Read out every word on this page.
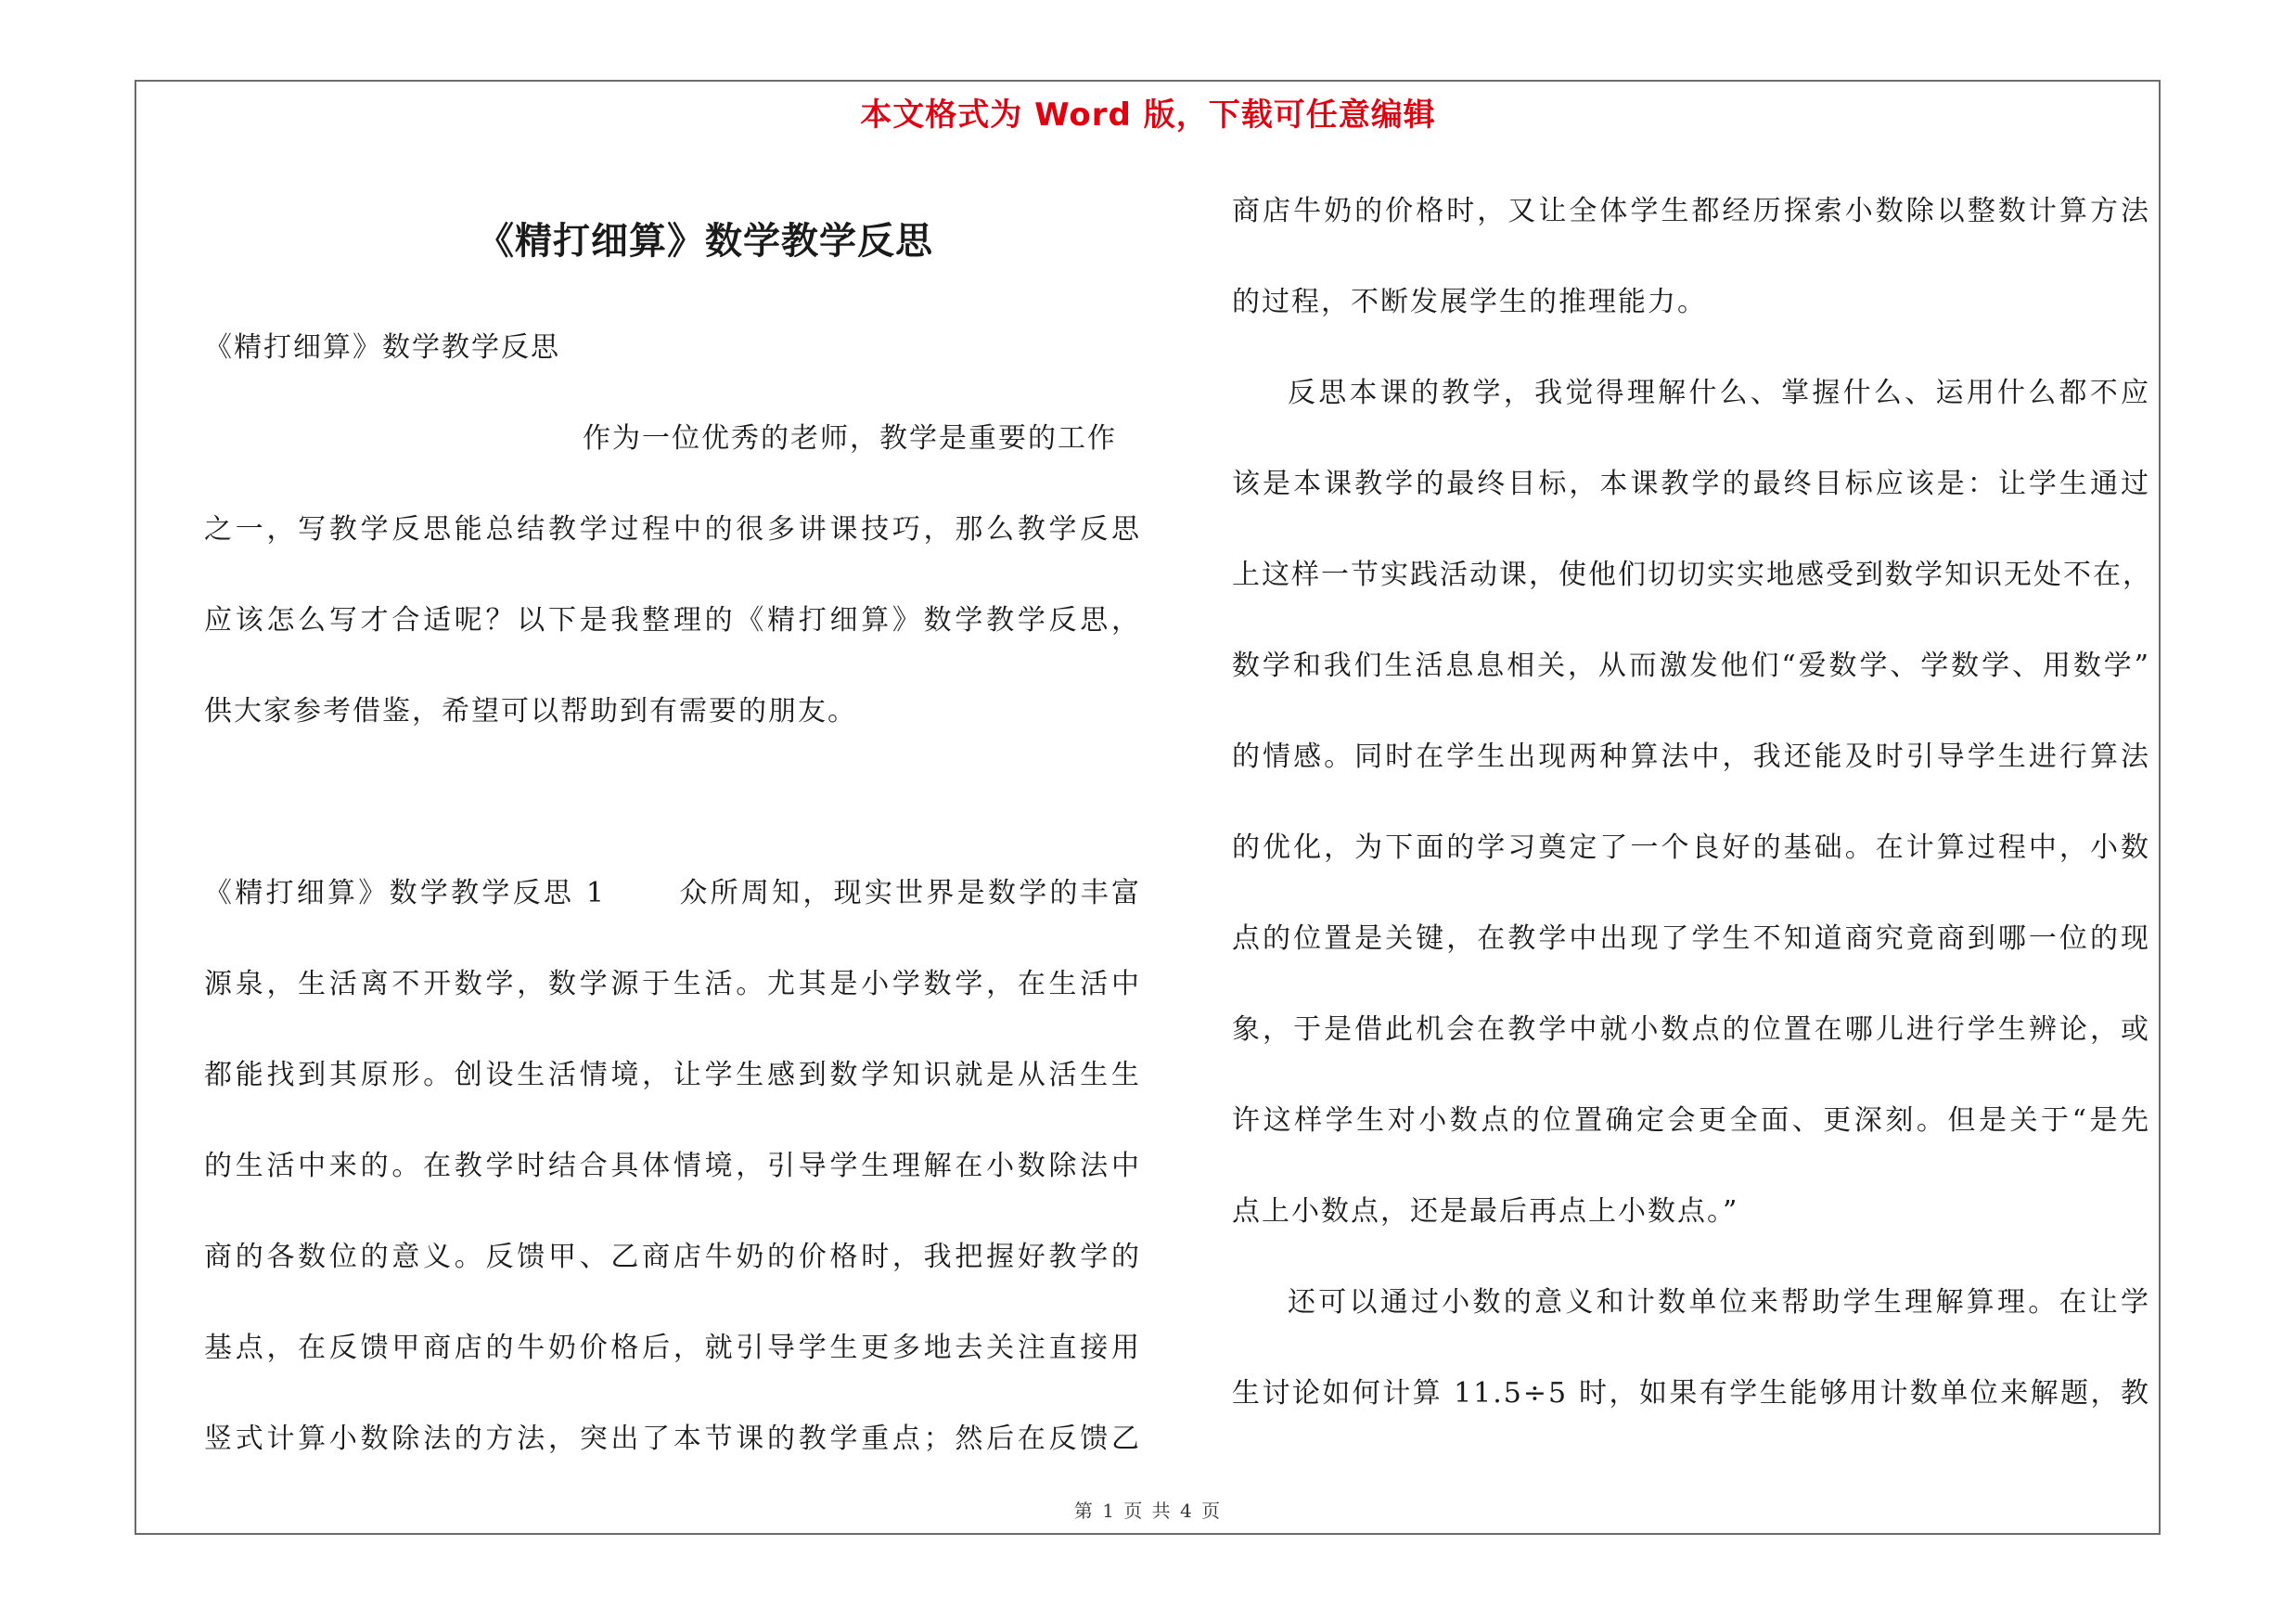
本文格式为 Word 版，下载可任意编辑
《精打细算》数学教学反思
《精打细算》数学教学反思
作为一位优秀的老师，教学是重要的工作
之一，写教学反思能总结教学过程中的很多讲课技巧，那么教学反思
应该怎么写才合适呢？以下是我整理的《精打细算》数学教学反思，
供大家参考借鉴，希望可以帮助到有需要的朋友。
《精打细算》数学教学反思 1 　　众所周知，现实世界是数学的丰富
源泉，生活离不开数学，数学源于生活。尤其是小学数学，在生活中
都能找到其原形。创设生活情境，让学生感到数学知识就是从活生生
的生活中来的。在教学时结合具体情境，引导学生理解在小数除法中
商的各数位的意义。反馈甲、乙商店牛奶的价格时，我把握好教学的
基点，在反馈甲商店的牛奶价格后，就引导学生更多地去关注直接用
竖式计算小数除法的方法，突出了本节课的教学重点；然后在反馈乙
商店牛奶的价格时，又让全体学生都经历探索小数除以整数计算方法
的过程，不断发展学生的推理能力。
反思本课的教学，我觉得理解什么、掌握什么、运用什么都不应
该是本课教学的最终目标，本课教学的最终目标应该是：让学生通过
上这样一节实践活动课，使他们切切实实地感受到数学知识无处不在，
数学和我们生活息息相关，从而激发他们“爱数学、学数学、用数学”
的情感。同时在学生出现两种算法中，我还能及时引导学生进行算法
的优化，为下面的学习奠定了一个良好的基础。在计算过程中，小数
点的位置是关键，在教学中出现了学生不知道商究竟商到哪一位的现
象，于是借此机会在教学中就小数点的位置在哪儿进行学生辨论，或
许这样学生对小数点的位置确定会更全面、更深刻。但是关于“是先
点上小数点，还是最后再点上小数点。”
还可以通过小数的意义和计数单位来帮助学生理解算理。在让学
生讨论如何计算 11.5÷5 时，如果有学生能够用计数单位来解题，教
第 1 页 共 4 页
